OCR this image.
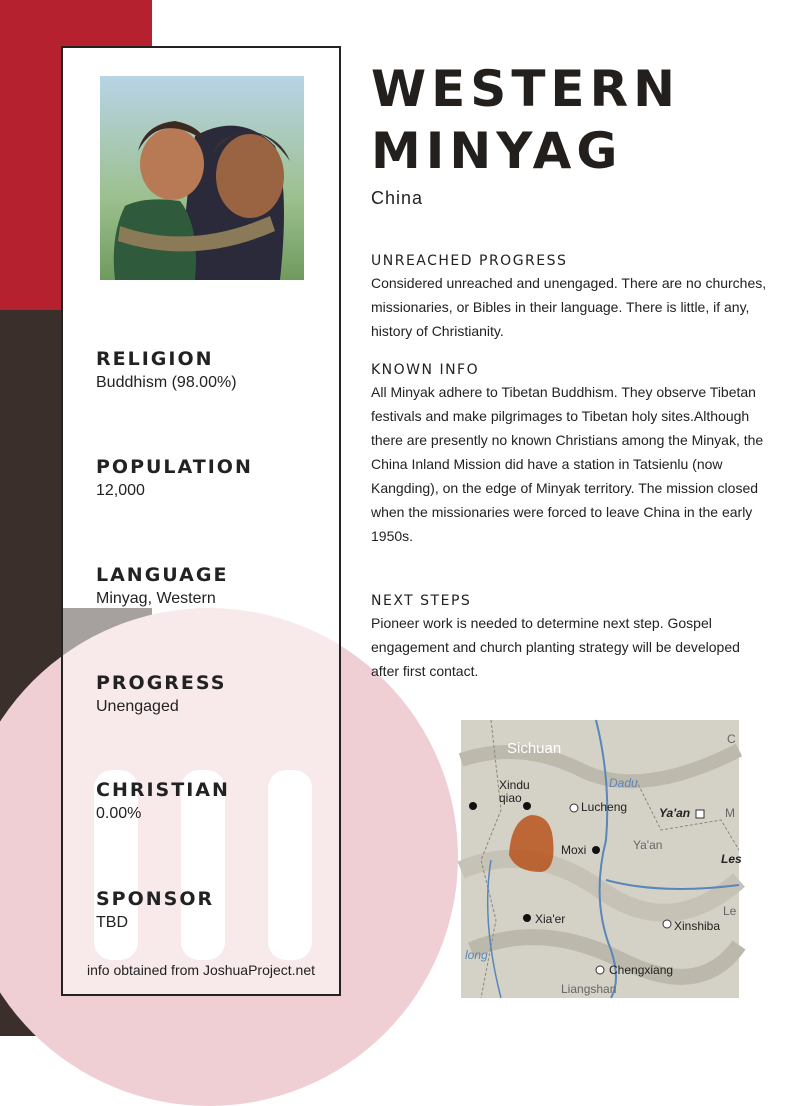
RELIGION
Buddhism (98.00%)
POPULATION
12,000
LANGUAGE
Minyag, Western
PROGRESS
Unengaged
CHRISTIAN
0.00%
SPONSOR
TBD
info obtained from JoshuaProject.net
WESTERN
MINYAG
China
UNREACHED PROGRESS

Considered unreached and unengaged. There are no churches, missionaries, or Bibles in their language. There is little, if any, history of Christianity.

KNOWN INFO

All Minyak adhere to Tibetan Buddhism. They observe Tibetan festivals and make pilgrimages to Tibetan holy sites.Although there are presently no known Christians among the Minyak, the China Inland Mission did have a station in Tatsienlu (now Kangding), on the edge of Minyak territory. The mission closed when the missionaries were forced to leave China in the early 1950s.

NEXT STEPS

Pioneer work is needed to determine next step. Gospel engagement and church planting strategy will be developed after first contact.

Sichuan
Xindu
qiao
Dadu
Lucheng	Ya'an
Ya'an
Moxi
Xia'er	Xinshiba
long
Chengxiang
Liangshan
C
M
Les
Le
